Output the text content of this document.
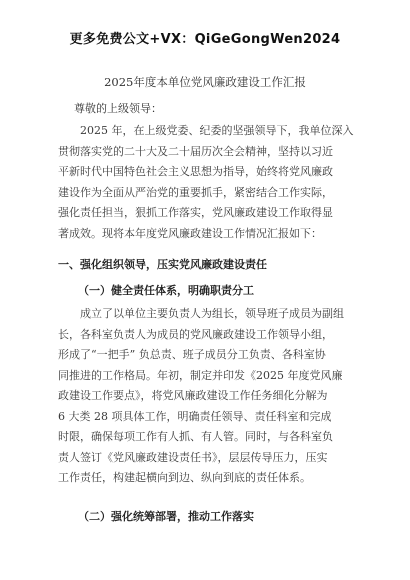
更多免费公文+VX：QiGeGongWen2024
2025年度本单位党风廉政建设工作汇报
尊敬的上级领导：
2025 年，在上级党委、纪委的坚强领导下，我单位深入
贯彻落实党的二十大及二十届历次全会精神，坚持以习近
平新时代中国特色社会主义思想为指导，始终将党风廉政
建设作为全面从严治党的重要抓手，紧密结合工作实际，
强化责任担当，狠抓工作落实，党风廉政建设工作取得显
著成效。现将本年度党风廉政建设工作情况汇报如下：
一、强化组织领导，压实党风廉政建设责任
（一）健全责任体系，明确职责分工
成立了以单位主要负责人为组长，领导班子成员为副组
长，各科室负责人为成员的党风廉政建设工作领导小组，
形成了“一把手” 负总责、班子成员分工负责、各科室协
同推进的工作格局。年初，制定并印发《2025 年度党风廉
政建设工作要点》，将党风廉政建设工作任务细化分解为
6 大类 28 项具体工作，明确责任领导、责任科室和完成
时限，确保每项工作有人抓、有人管。同时，与各科室负
责人签订《党风廉政建设责任书》，层层传导压力，压实
工作责任，构建起横向到边、纵向到底的责任体系。
（二）强化统筹部署，推动工作落实
